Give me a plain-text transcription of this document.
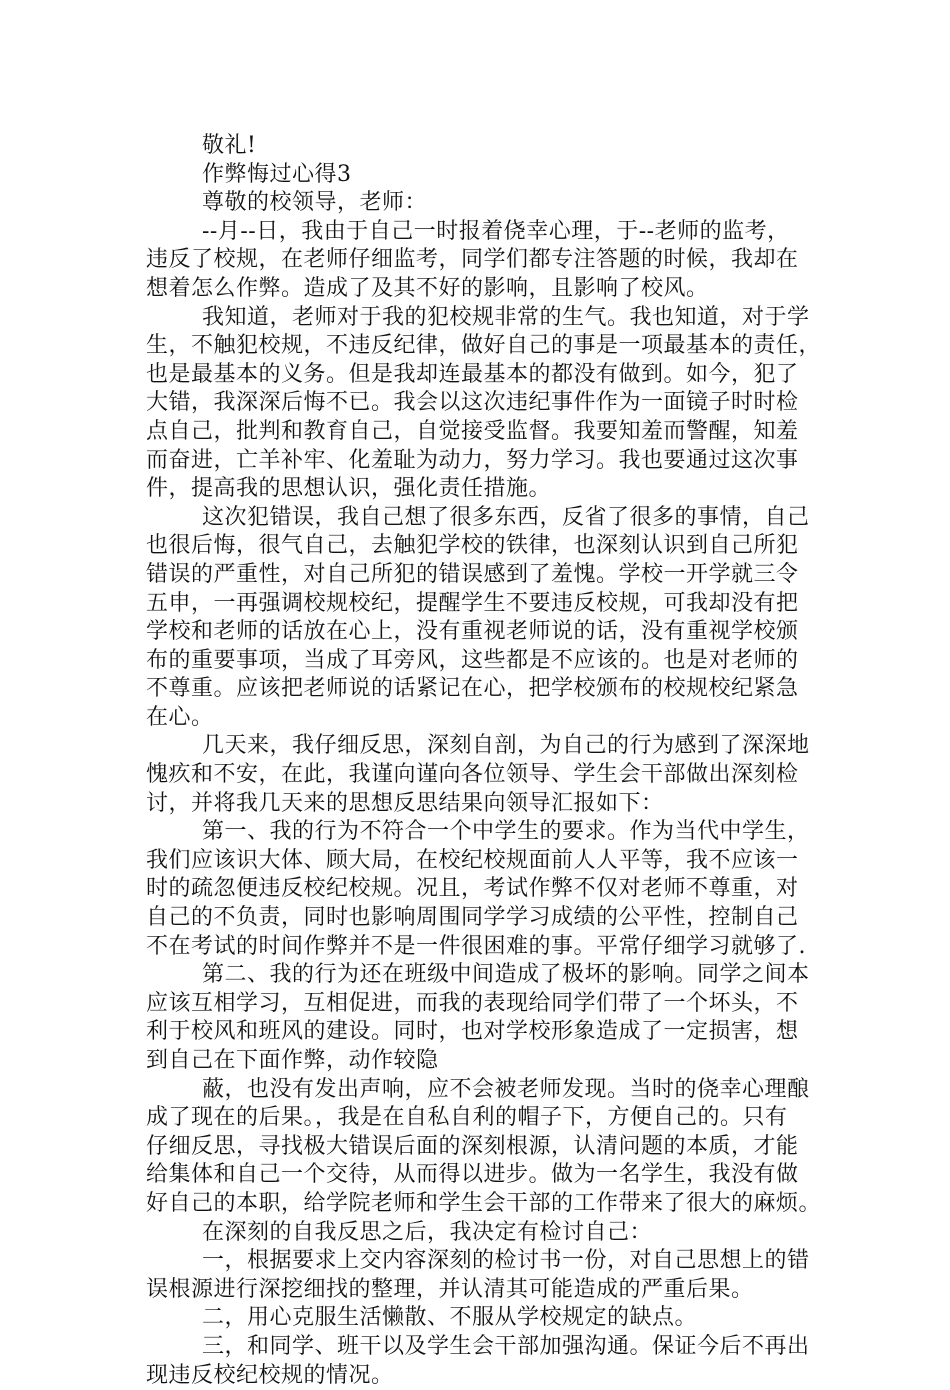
敬礼!

作弊悔过心得3

尊敬的校领导，老师：

--月--日，我由于自己一时报着侥幸心理，于--老师的监考，

违反了校规，在老师仔细监考，同学们都专注答题的时候，我却在

想着怎么作弊。造成了及其不好的影响，且影响了校风。

我知道，老师对于我的犯校规非常的生气。我也知道，对于学

生，不触犯校规，不违反纪律，做好自己的事是一项最基本的责任，

也是最基本的义务。但是我却连最基本的都没有做到。如今，犯了

大错，我深深后悔不已。我会以这次违纪事件作为一面镜子时时检

点自己，批判和教育自己，自觉接受监督。我要知羞而警醒，知羞

而奋进，亡羊补牢、化羞耻为动力，努力学习。我也要通过这次事

件，提高我的思想认识，强化责任措施。

这次犯错误，我自己想了很多东西，反省了很多的事情，自己

也很后悔，很气自己，去触犯学校的铁律，也深刻认识到自己所犯

错误的严重性，对自己所犯的错误感到了羞愧。学校一开学就三令

五申，一再强调校规校纪，提醒学生不要违反校规，可我却没有把

学校和老师的话放在心上，没有重视老师说的话，没有重视学校颁

布的重要事项，当成了耳旁风，这些都是不应该的。也是对老师的

不尊重。应该把老师说的话紧记在心，把学校颁布的校规校纪紧急

在心。

几天来，我仔细反思，深刻自剖，为自己的行为感到了深深地

愧疚和不安，在此，我谨向谨向各位领导、学生会干部做出深刻检

讨，并将我几天来的思想反思结果向领导汇报如下：

第一、我的行为不符合一个中学生的要求。作为当代中学生，

我们应该识大体、顾大局，在校纪校规面前人人平等，我不应该一

时的疏忽便违反校纪校规。况且，考试作弊不仅对老师不尊重，对

自己的不负责，同时也影响周围同学学习成绩的公平性，控制自己

不在考试的时间作弊并不是一件很困难的事。平常仔细学习就够了.

第二、我的行为还在班级中间造成了极坏的影响。同学之间本

应该互相学习，互相促进，而我的表现给同学们带了一个坏头，不

利于校风和班风的建设。同时，也对学校形象造成了一定损害，想

到自己在下面作弊，动作较隐

蔽，也没有发出声响，应不会被老师发现。当时的侥幸心理酿

成了现在的后果。，我是在自私自利的帽子下，方便自己的。只有

仔细反思，寻找极大错误后面的深刻根源，认清问题的本质，才能

给集体和自己一个交待，从而得以进步。做为一名学生，我没有做

好自己的本职，给学院老师和学生会干部的工作带来了很大的麻烦。

在深刻的自我反思之后，我决定有检讨自己：

一，根据要求上交内容深刻的检讨书一份，对自己思想上的错

误根源进行深挖细找的整理，并认清其可能造成的严重后果。

二，用心克服生活懒散、不服从学校规定的缺点。

三，和同学、班干以及学生会干部加强沟通。保证今后不再出

现违反校纪校规的情况。
